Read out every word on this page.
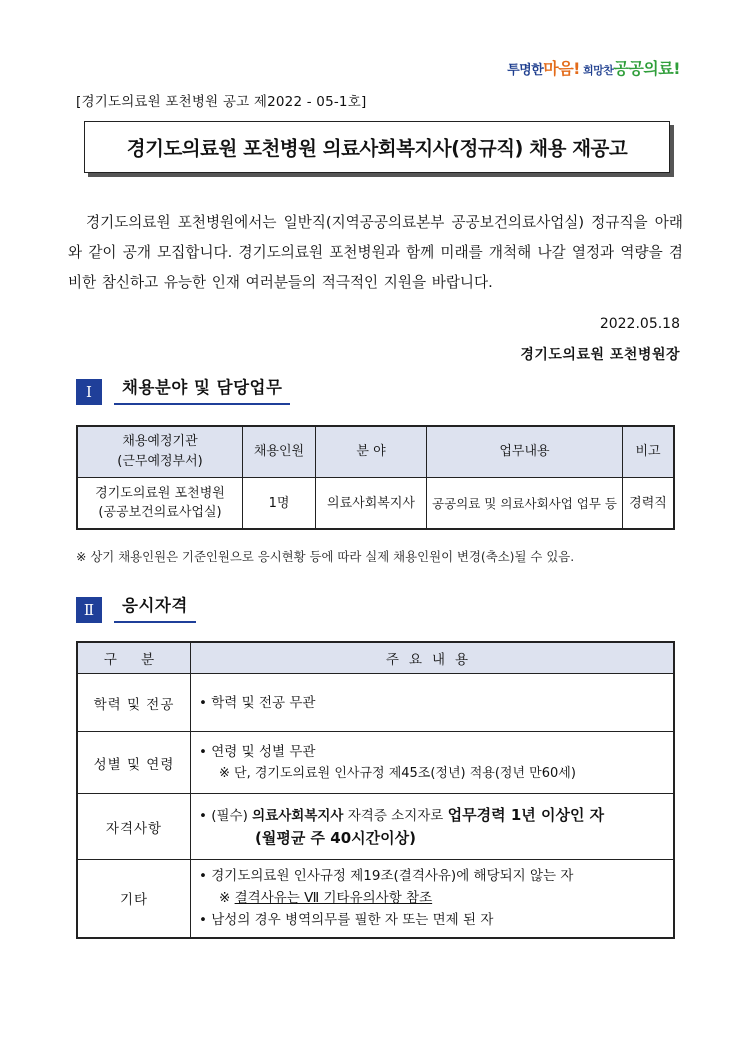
투명한마음! 희망찬공공의료!
[경기도의료원 포천병원 공고 제2022 - 05-1호]
경기도의료원 포천병원 의료사회복지사(정규직) 채용 재공고

경기도의료원 포천병원에서는 일반직(지역공공의료본부 공공보건의료사업실) 정규직을 아래와 같이 공개 모집합니다. 경기도의료원 포천병원과 함께 미래를 개척해 나갈 열정과 역량을 겸비한 참신하고 유능한 인재 여러분들의 적극적인 지원을 바랍니다.

2022.05.18
경기도의료원 포천병원장
I	채용분야 및 담당업무
채용예정기관
(근무예정부서)	채용인원	분 야	업무내용	비고
경기도의료원 포천병원
(공공보건의료사업실)	1명	의료사회복지사	공공의료 및 의료사회사업 업무 등	경력직
※ 상기 채용인원은 기준인원으로 응시현황 등에 따라 실제 채용인원이 변경(축소)될 수 있음.
Ⅱ	응시자격
구 분	주요내용
학력 및 전공	• 학력 및 전공 무관

성별 및 연령	• 연령 및 성별 무관
※ 단, 경기도의료원 인사규정 제45조(정년) 적용(정년 만60세)

자격사항	• (필수) 의료사회복지사 자격증 소지자로 업무경력 1년 이상인 자
(월평균 주 40시간이상)

기타	• 경기도의료원 인사규정 제19조(결격사유)에 해당되지 않는 자
※ 결격사유는 Ⅶ 기타유의사항 참조
• 남성의 경우 병역의무를 필한 자 또는 면제 된 자
